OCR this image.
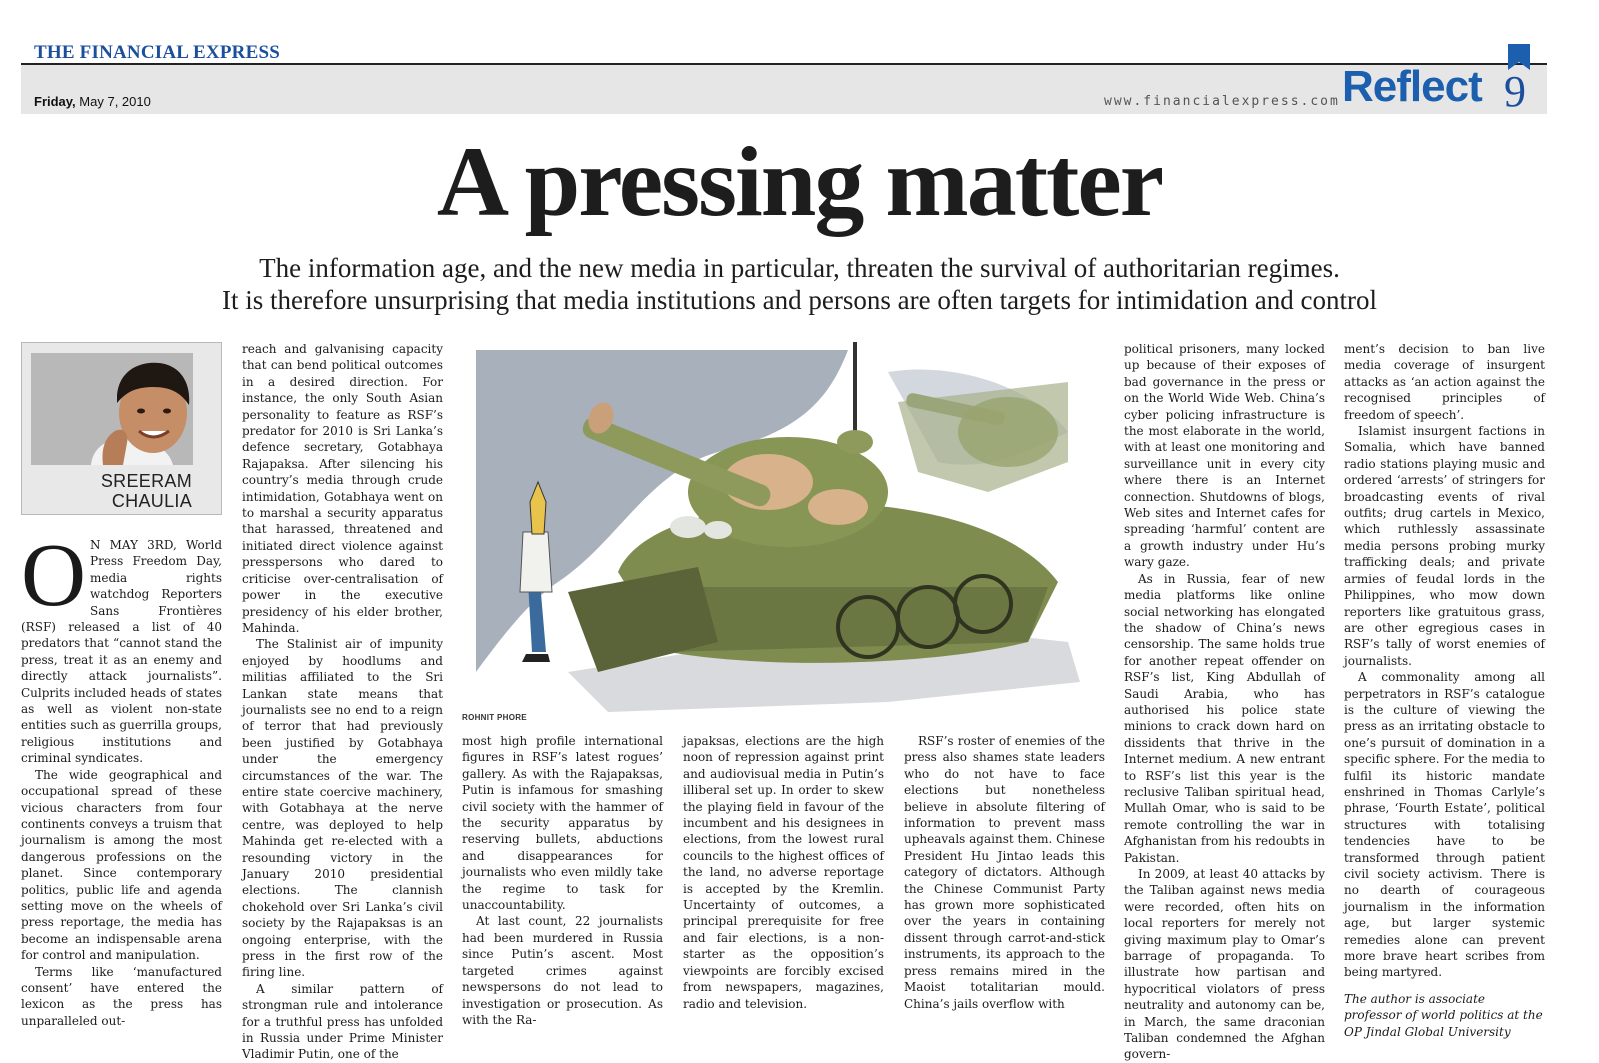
THE FINANCIAL EXPRESS
Friday, May 7, 2010	www.financialexpress.com Reflect 9
A pressing matter
The information age, and the new media in particular, threaten the survival of authoritarian regimes.
It is therefore unsurprising that media institutions and persons are often targets for intimidation and control
SREERAM
CHAULIA

O N MAY 3RD, World Press Freedom Day, media rights watchdog Reporters Sans Frontières (RSF) released a list of 40 predators that “cannot stand the press, treat it as an enemy and directly attack journalists”. Culprits included heads of states as well as violent non-state entities such as guerrilla groups, religious institutions and criminal syndicates.

The wide geographical and occupational spread of these vicious characters from four continents conveys a truism that journalism is among the most dangerous professions on the planet. Since contemporary politics, public life and agenda setting move on the wheels of press reportage, the media has become an indispensable arena for control and manipulation.

Terms like ‘manufactured consent’ have entered the lexicon as the press has unparalleled out-

reach and galvanising capacity that can bend political outcomes in a desired direction. For instance, the only South Asian personality to feature as RSF’s predator for 2010 is Sri Lanka’s defence secretary, Gotabhaya Rajapaksa. After silencing his country’s media through crude intimidation, Gotabhaya went on to marshal a security apparatus that harassed, threatened and initiated direct violence against presspersons who dared to criticise over-centralisation of power in the executive presidency of his elder brother, Mahinda.

The Stalinist air of impunity enjoyed by hoodlums and militias affiliated to the Sri Lankan state means that journalists see no end to a reign of terror that had previously been justified by Gotabhaya under the emergency circumstances of the war. The entire state coercive machinery, with Gotabhaya at the nerve centre, was deployed to help Mahinda get re-elected with a resounding victory in the January 2010 presidential elections. The clannish chokehold over Sri Lanka’s civil society by the Rajapaksas is an ongoing enterprise, with the press in the first row of the firing line.

A similar pattern of strongman rule and intolerance for a truthful press has unfolded in Russia under Prime Minister Vladimir Putin, one of the

ROHNIT PHORE

most high profile international figures in RSF’s latest rogues’ gallery. As with the Rajapaksas, Putin is infamous for smashing civil society with the hammer of the security apparatus by reserving bullets, abductions and disappearances for journalists who even mildly take the regime to task for unaccountability.

At last count, 22 journalists had been murdered in Russia since Putin’s ascent. Most targeted crimes against newspersons do not lead to investigation or prosecution. As with the Ra-

japaksas, elections are the high noon of repression against print and audiovisual media in Putin’s illiberal set up. In order to skew the playing field in favour of the incumbent and his designees in elections, from the lowest rural councils to the highest offices of the land, no adverse reportage is accepted by the Kremlin. Uncertainty of outcomes, a principal prerequisite for free and fair elections, is a non-starter as the opposition’s viewpoints are forcibly excised from newspapers, magazines, radio and television.

RSF’s roster of enemies of the press also shames state leaders who do not have to face elections but nonetheless believe in absolute filtering of information to prevent mass upheavals against them. Chinese President Hu Jintao leads this category of dictators. Although the Chinese Communist Party has grown more sophisticated over the years in containing dissent through carrot-and-stick instruments, its approach to the press remains mired in the Maoist totalitarian mould. China’s jails overflow with

political prisoners, many locked up because of their exposes of bad governance in the press or on the World Wide Web. China’s cyber policing infrastructure is the most elaborate in the world, with at least one monitoring and surveillance unit in every city where there is an Internet connection. Shutdowns of blogs, Web sites and Internet cafes for spreading ‘harmful’ content are a growth industry under Hu’s wary gaze.

As in Russia, fear of new media platforms like online social networking has elongated the shadow of China’s news censorship. The same holds true for another repeat offender on RSF’s list, King Abdullah of Saudi Arabia, who has authorised his police state minions to crack down hard on dissidents that thrive in the Internet medium. A new entrant to RSF’s list this year is the reclusive Taliban spiritual head, Mullah Omar, who is said to be remote controlling the war in Afghanistan from his redoubts in Pakistan.

In 2009, at least 40 attacks by the Taliban against news media were recorded, often hits on local reporters for merely not giving maximum play to Omar’s barrage of propaganda. To illustrate how partisan and hypocritical violators of press neutrality and autonomy can be, in March, the same draconian Taliban condemned the Afghan govern-

ment’s decision to ban live media coverage of insurgent attacks as ‘an action against the recognised principles of freedom of speech’.

Islamist insurgent factions in Somalia, which have banned radio stations playing music and ordered ‘arrests’ of stringers for broadcasting events of rival outfits; drug cartels in Mexico, which ruthlessly assassinate media persons probing murky trafficking deals; and private armies of feudal lords in the Philippines, who mow down reporters like gratuitous grass, are other egregious cases in RSF’s tally of worst enemies of journalists.

A commonality among all perpetrators in RSF’s catalogue is the culture of viewing the press as an irritating obstacle to one’s pursuit of domination in a specific sphere. For the media to fulfil its historic mandate enshrined in Thomas Carlyle’s phrase, ‘Fourth Estate’, political structures with totalising tendencies have to be transformed through patient civil society activism. There is no dearth of courageous journalism in the information age, but larger systemic remedies alone can prevent more brave heart scribes from being martyred.

The author is associate professor of world politics at the OP Jindal Global University
